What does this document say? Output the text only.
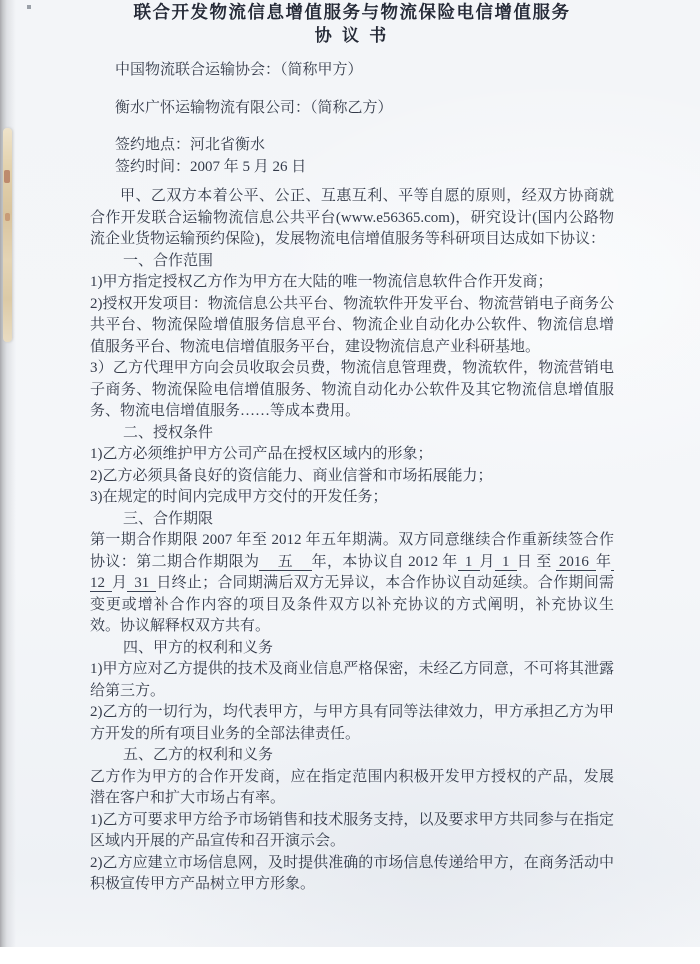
联合开发物流信息增值服务与物流保险电信增值服务

协 议 书

中国物流联合运输协会：（简称甲方）

衡水广怀运输物流有限公司：（简称乙方）

签约地点：河北省衡水

签约时间：2007 年 5 月 26 日

甲、乙双方本着公平、公正、互惠互利、平等自愿的原则，经双方协商就合作开发联合运输物流信息公共平台(www.e56365.com)，研究设计(国内公路物流企业货物运输预约保险)，发展物流电信增值服务等科研项目达成如下协议：

一、合作范围

1)甲方指定授权乙方作为甲方在大陆的唯一物流信息软件合作开发商；

2)授权开发项目：物流信息公共平台、物流软件开发平台、物流营销电子商务公共平台、物流保险增值服务信息平台、物流企业自动化办公软件、物流信息增值服务平台、物流电信增值服务平台，建设物流信息产业科研基地。

3）乙方代理甲方向会员收取会员费，物流信息管理费，物流软件，物流营销电子商务、物流保险电信增值服务、物流自动化办公软件及其它物流信息增值服务、物流电信增值服务……等成本费用。

二、授权条件

1)乙方必须维护甲方公司产品在授权区域内的形象；

2)乙方必须具备良好的资信能力、商业信誉和市场拓展能力；

3)在规定的时间内完成甲方交付的开发任务；

三、合作期限

第一期合作期限 2007 年至 2012 年五年期满。双方同意继续合作重新续签合作协议：第二期合作期限为　五　年，本协议自 2012 年 1 月 1 日 至 2016 年 12 月 31 日终止；合同期满后双方无异议，本合作协议自动延续。合作期间需变更或增补合作内容的项目及条件双方以补充协议的方式阐明，补充协议生效。协议解释权双方共有。

四、甲方的权利和义务

1)甲方应对乙方提供的技术及商业信息严格保密，未经乙方同意，不可将其泄露给第三方。

2)乙方的一切行为，均代表甲方，与甲方具有同等法律效力，甲方承担乙方为甲方开发的所有项目业务的全部法律责任。

五、乙方的权利和义务

乙方作为甲方的合作开发商，应在指定范围内积极开发甲方授权的产品，发展潜在客户和扩大市场占有率。

1)乙方可要求甲方给予市场销售和技术服务支持，以及要求甲方共同参与在指定区域内开展的产品宣传和召开演示会。

2)乙方应建立市场信息网，及时提供准确的市场信息传递给甲方，在商务活动中积极宣传甲方产品树立甲方形象。
